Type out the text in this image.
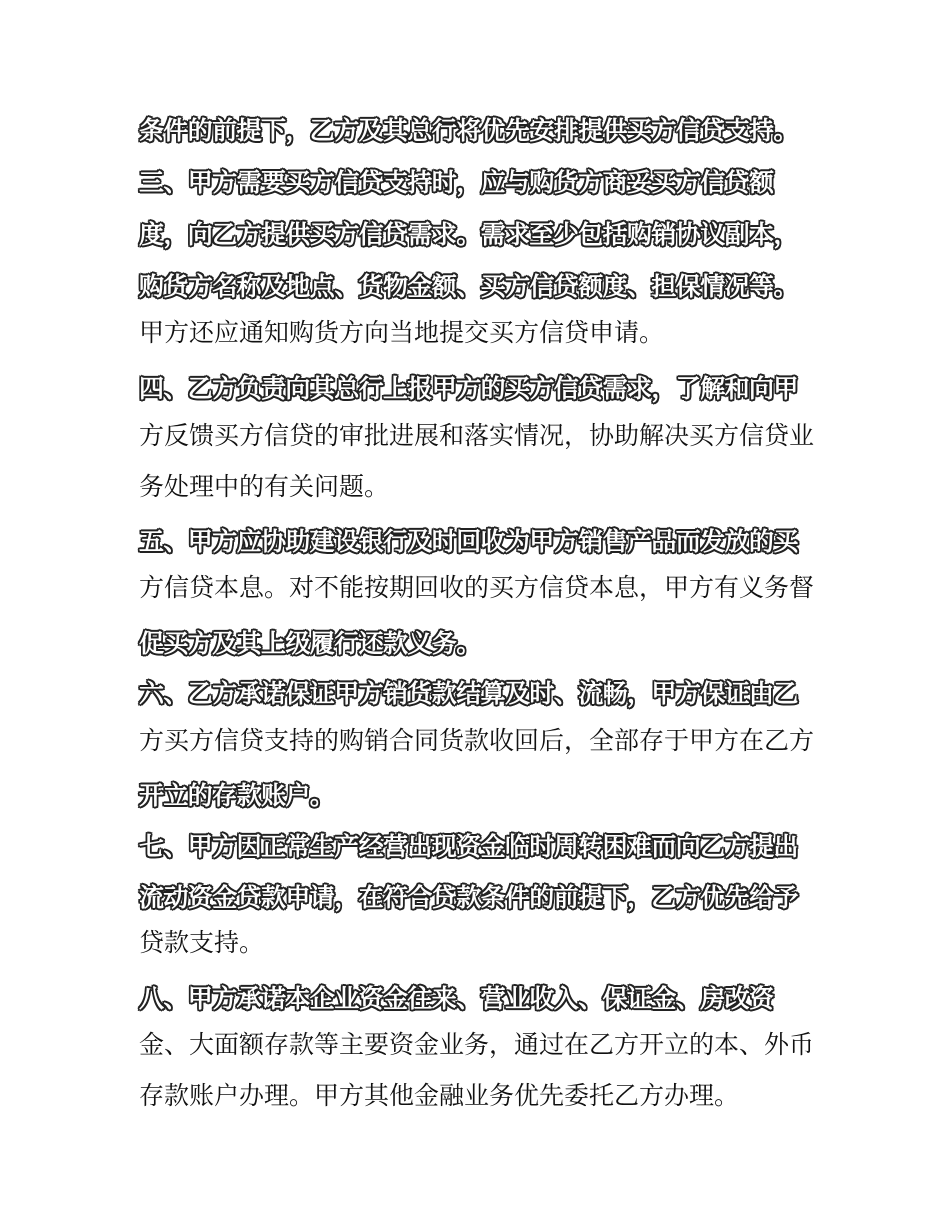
条件的前提下，乙方及其总行将优先安排提供买方信贷支持。
三、甲方需要买方信贷支持时，应与购货方商妥买方信贷额
度，向乙方提供买方信贷需求。需求至少包括购销协议副本，
购货方名称及地点、货物金额、买方信贷额度、担保情况等。
甲方还应通知购货方向当地提交买方信贷申请。
四、乙方负责向其总行上报甲方的买方信贷需求，了解和向甲
方反馈买方信贷的审批进展和落实情况，协助解决买方信贷业
务处理中的有关问题。
五、甲方应协助建设银行及时回收为甲方销售产品而发放的买
方信贷本息。对不能按期回收的买方信贷本息，甲方有义务督
促买方及其上级履行还款义务。
六、乙方承诺保证甲方销货款结算及时、流畅，甲方保证由乙
方买方信贷支持的购销合同货款收回后，全部存于甲方在乙方
开立的存款账户。
七、甲方因正常生产经营出现资金临时周转困难而向乙方提出
流动资金贷款申请，在符合贷款条件的前提下，乙方优先给予
贷款支持。
八、甲方承诺本企业资金往来、营业收入、保证金、房改资
金、大面额存款等主要资金业务，通过在乙方开立的本、外币
存款账户办理。甲方其他金融业务优先委托乙方办理。
